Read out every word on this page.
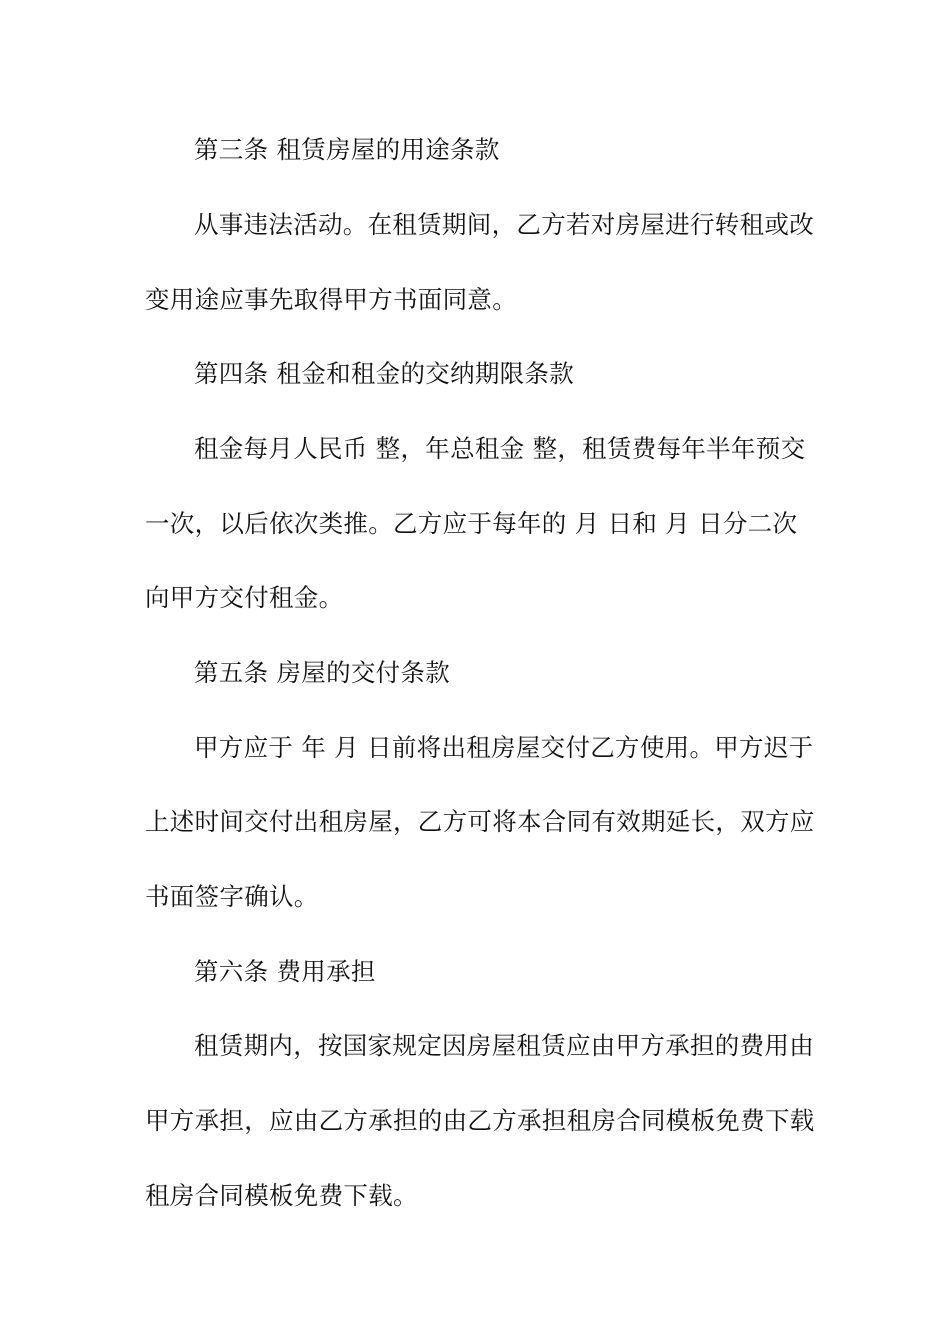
第三条 租赁房屋的用途条款
从事违法活动。在租赁期间，乙方若对房屋进行转租或改
变用途应事先取得甲方书面同意。
第四条 租金和租金的交纳期限条款
租金每月人民币 整，年总租金 整，租赁费每年半年预交
一次，以后依次类推。乙方应于每年的 月 日和 月 日分二次
向甲方交付租金。
第五条 房屋的交付条款
甲方应于 年 月 日前将出租房屋交付乙方使用。甲方迟于
上述时间交付出租房屋，乙方可将本合同有效期延长，双方应
书面签字确认。
第六条 费用承担
租赁期内，按国家规定因房屋租赁应由甲方承担的费用由
甲方承担，应由乙方承担的由乙方承担租房合同模板免费下载
租房合同模板免费下载。
